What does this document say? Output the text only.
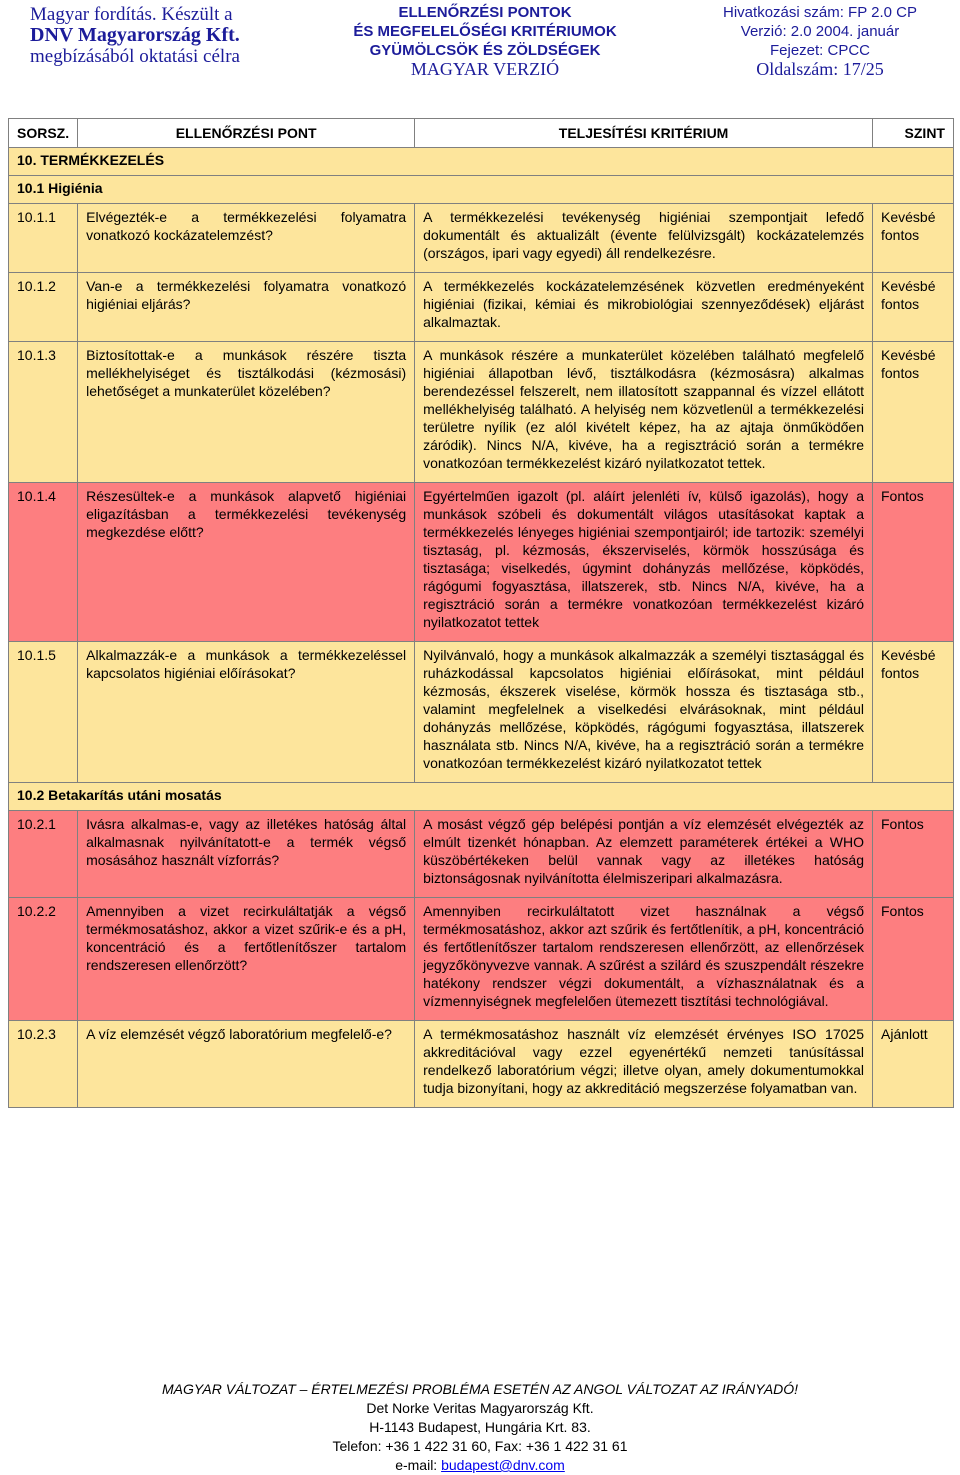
Magyar fordítás. Készült a
DNV Magyarország Kft.
megbízásából oktatási célra
ELLENŐRZÉSI PONTOK
ÉS MEGFELELŐSÉGI KRITÉRIUMOK
GYÜMÖLCSÖK ÉS ZÖLDSÉGEK
MAGYAR VERZIÓ
Hivatkozási szám: FP 2.0 CP
Verzió: 2.0 2004. január
Fejezet: CPCC
Oldalszám: 17/25
SORSZ.	ELLENŐRZÉSI PONT	TELJESÍTÉSI KRITÉRIUM	SZINT
10. TERMÉKKEZELÉS			
10.1 Higiénia			
10.1.1	Elvégezték-e a termékkezelési folyamatra vonatkozó kockázatelemzést?	A termékkezelési tevékenység higiéniai szempontjait lefedő dokumentált és aktualizált (évente felülvizsgált) kockázatelemzés (országos, ipari vagy egyedi) áll rendelkezésre.	Kevésbé fontos
10.1.2	Van-e a termékkezelési folyamatra vonatkozó higiéniai eljárás?	A termékkezelés kockázatelemzésének közvetlen eredményeként higiéniai (fizikai, kémiai és mikrobiológiai szennyeződések) eljárást alkalmaztak.	Kevésbé fontos
10.1.3	Biztosítottak-e a munkások részére tiszta mellékhelyiséget és tisztálkodási (kézmosási) lehetőséget a munkaterület közelében?	A munkások részére a munkaterület közelében található megfelelő higiéniai állapotban lévő, tisztálkodásra (kézmosásra) alkalmas berendezéssel felszerelt, nem illatosított szappannal és vízzel ellátott mellékhelyiség található. A helyiség nem közvetlenül a termékkezelési területre nyílik (ez alól kivételt képez, ha az ajtaja önműködően záródik). Nincs N/A, kivéve, ha a regisztráció során a termékre vonatkozóan termékkezelést kizáró nyilatkozatot tettek.	Kevésbé fontos
10.1.4	Részesültek-e a munkások alapvető higiéniai eligazításban a termékkezelési tevékenység megkezdése előtt?	Egyértelműen igazolt (pl. aláírt jelenléti ív, külső igazolás), hogy a munkások szóbeli és dokumentált világos utasításokat kaptak a termékkezelés lényeges higiéniai szempontjairól; ide tartozik: személyi tisztaság, pl. kézmosás, ékszerviselés, körmök hosszúsága és tisztasága; viselkedés, úgymint dohányzás mellőzése, köpködés, rágógumi fogyasztása, illatszerek, stb. Nincs N/A, kivéve, ha a regisztráció során a termékre vonatkozóan termékkezelést kizáró nyilatkozatot tettek	Fontos
10.1.5	Alkalmazzák-e a munkások a termékkezeléssel kapcsolatos higiéniai előírásokat?	Nyilvánvaló, hogy a munkások alkalmazzák a személyi tisztasággal és ruházkodással kapcsolatos higiéniai előírásokat, mint például kézmosás, ékszerek viselése, körmök hossza és tisztasága stb., valamint megfelelnek a viselkedési elvárásoknak, mint például dohányzás mellőzése, köpködés, rágógumi fogyasztása, illatszerek használata stb. Nincs N/A, kivéve, ha a regisztráció során a termékre vonatkozóan termékkezelést kizáró nyilatkozatot tettek	Kevésbé fontos
10.2 Betakarítás utáni mosatás			
10.2.1	Ivásra alkalmas-e, vagy az illetékes hatóság által alkalmasnak nyilvánítatott-e a termék végső mosásához használt vízforrás?	A mosást végző gép belépési pontján a víz elemzését elvégezték az elmúlt tizenkét hónapban. Az elemzett paraméterek értékei a WHO küszöbértékeken belül vannak vagy az illetékes hatóság biztonságosnak nyilvánította élelmiszeripari alkalmazásra.	Fontos
10.2.2	Amennyiben a vizet recirkuláltatják a végső termékmosatáshoz, akkor a vizet szűrik-e és a pH, koncentráció és a fertőtlenítőszer tartalom rendszeresen ellenőrzött?	Amennyiben recirkuláltatott vizet használnak a végső termékmosatáshoz, akkor azt szűrik és fertőtlenítik, a pH, koncentráció és fertőtlenítőszer tartalom rendszeresen ellenőrzött, az ellenőrzések jegyzőkönyvezve vannak. A szűrést a szilárd és szuszpendált részekre hatékony rendszer végzi dokumentált, a vízhasználatnak és a vízmennyiségnek megfelelően ütemezett tisztítási technológiával.	Fontos
10.2.3	A víz elemzését végző laboratórium megfelelő-e?	A termékmosatáshoz használt víz elemzését érvényes ISO 17025 akkreditációval vagy ezzel egyenértékű nemzeti tanúsítással rendelkező laboratórium végzi; illetve olyan, amely dokumentumokkal tudja bizonyítani, hogy az akkreditáció megszerzése folyamatban van.	Ajánlott
MAGYAR VÁLTOZAT – ÉRTELMEZÉSI PROBLÉMA ESETÉN AZ ANGOL VÁLTOZAT AZ IRÁNYADÓ!
Det Norke Veritas Magyarország Kft.
H-1143 Budapest, Hungária Krt. 83.
Telefon: +36 1 422 31 60, Fax: +36 1 422 31 61
e-mail: budapest@dnv.com
